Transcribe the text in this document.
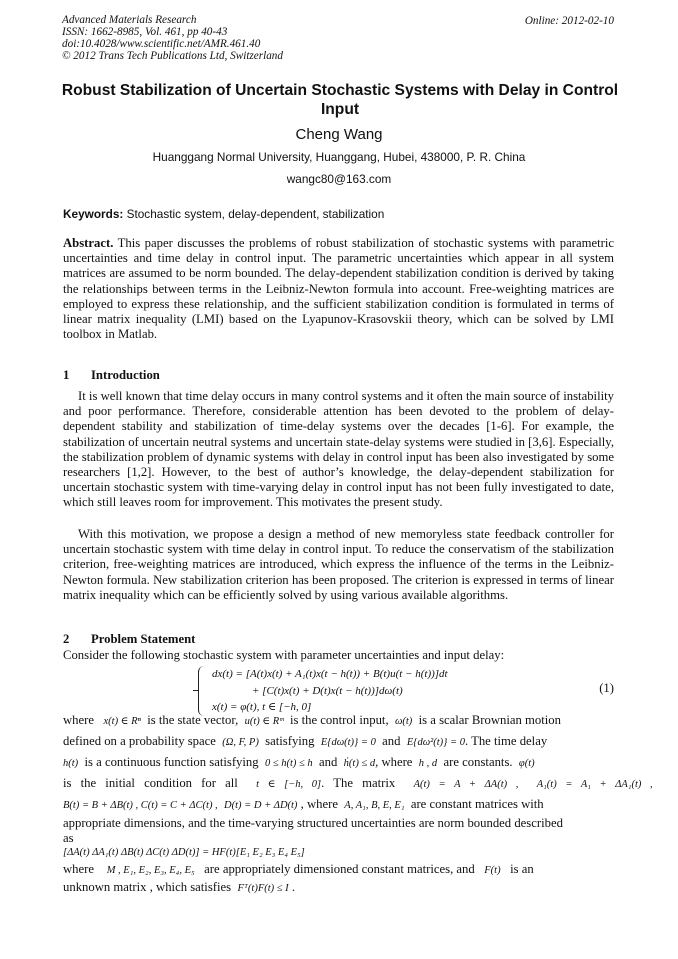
Advanced Materials Research
ISSN: 1662-8985, Vol. 461, pp 40-43
doi:10.4028/www.scientific.net/AMR.461.40
© 2012 Trans Tech Publications Ltd, Switzerland
Online: 2012-02-10
Robust Stabilization of Uncertain Stochastic Systems with Delay in Control Input
Cheng Wang
Huanggang Normal University, Huanggang, Hubei, 438000, P. R. China
wangc80@163.com
Keywords: Stochastic system, delay-dependent, stabilization

Abstract. This paper discusses the problems of robust stabilization of stochastic systems with parametric uncertainties and time delay in control input. The parametric uncertainties which appear in all system matrices are assumed to be norm bounded. The delay-dependent stabilization condition is derived by taking the relationships between terms in the Leibniz-Newton formula into account. Free-weighting matrices are employed to express these relationship, and the sufficient stabilization condition is formulated in terms of linear matrix inequality (LMI) based on the Lyapunov-Krasovskii theory, which can be solved by LMI toolbox in Matlab.

1 Introduction

It is well known that time delay occurs in many control systems and it often the main source of instability and poor performance. Therefore, considerable attention has been devoted to the problem of delay-dependent stability and stabilization of time-delay systems over the decades [1-6]. For example, the stabilization of uncertain neutral systems and uncertain state-delay systems were studied in [3,6]. Especially, the stabilization problem of dynamic systems with delay in control input has been also investigated by some researchers [1,2]. However, to the best of author’s knowledge, the delay-dependent stabilization for uncertain stochastic system with time-varying delay in control input has not been fully investigated to date, which still leaves room for improvement. This motivates the present study.

With this motivation, we propose a design a method of new memoryless state feedback controller for uncertain stochastic system with time delay in control input. To reduce the conservatism of the stabilization criterion, free-weighting matrices are introduced, which express the influence of the terms in the Leibniz-Newton formula. New stabilization criterion has been proposed. The criterion is expressed in terms of linear matrix inequality which can be efficiently solved by using various available algorithms.

2 Problem Statement
Consider the following stochastic system with parameter uncertainties and input delay:
dx(t) = [A(t)x(t) + A₁(t)x(t − h(t)) + B(t)u(t − h(t))]dt
+ [C(t)x(t) + D(t)x(t − h(t))]dω(t)
x(t) = φ(t), t ∈ [−h, 0]
(1)
where x(t) ∈ Rⁿ is the state vector, u(t) ∈ Rᵐ is the control input, ω(t) is a scalar Brownian motion
defined on a probability space (Ω, F, P) satisfying E{dω(t)} = 0 and E{dω²(t)} = 0. The time delay
h(t) is a continuous function satisfying 0 ≤ h(t) ≤ h and ḣ(t) ≤ d, where h , d are constants. φ(t)
is the initial condition for all t ∈ [−h, 0]. The matrix A(t) = A + ΔA(t) , A₁(t) = A₁ + ΔA₁(t) ,
B(t) = B + ΔB(t) , C(t) = C + ΔC(t) , D(t) = D + ΔD(t) , where A, A₁, B, E, E₁ are constant matrices with
appropriate dimensions, and the time-varying structured uncertainties are norm bounded described
as
[ΔA(t) ΔA₁(t) ΔB(t) ΔC(t) ΔD(t)] = HF(t)[E₁ E₂ E₃ E₄ E₅]
where M , E₁, E₂, E₃, E₄, E₅ are appropriately dimensioned constant matrices, and F(t) is an
unknown matrix , which satisfies Fᵀ(t)F(t) ≤ I .
